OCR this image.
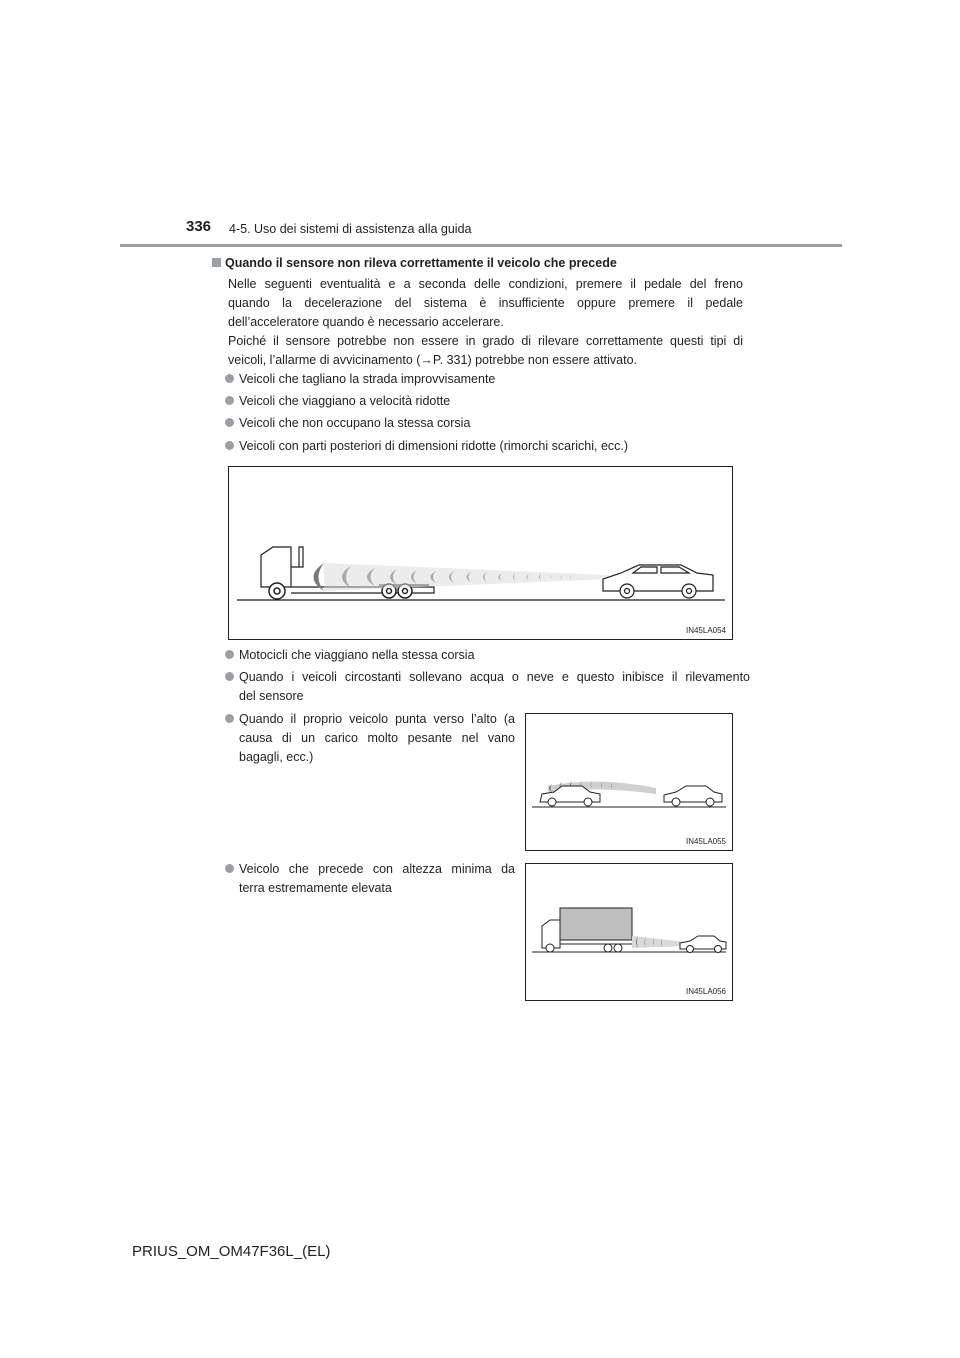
336 4-5. Uso dei sistemi di assistenza alla guida
Quando il sensore non rileva correttamente il veicolo che precede
Nelle seguenti eventualità e a seconda delle condizioni, premere il pedale del freno
quando la decelerazione del sistema è insufficiente oppure premere il pedale
dell’acceleratore quando è necessario accelerare.
Poiché il sensore potrebbe non essere in grado di rilevare correttamente questi tipi di
veicoli, l’allarme di avvicinamento (→P. 331) potrebbe non essere attivato.
Veicoli che tagliano la strada improvvisamente
Veicoli che viaggiano a velocità ridotte
Veicoli che non occupano la stessa corsia
Veicoli con parti posteriori di dimensioni ridotte (rimorchi scarichi, ecc.)
IN45LA054
Motocicli che viaggiano nella stessa corsia
Quando i veicoli circostanti sollevano acqua o neve e questo inibisce il rilevamento
del sensore
Quando il proprio veicolo punta verso l’alto (a
causa di un carico molto pesante nel vano
bagagli, ecc.)
IN45LA055
Veicolo che precede con altezza minima da
terra estremamente elevata
IN45LA056
PRIUS_OM_OM47F36L_(EL)
